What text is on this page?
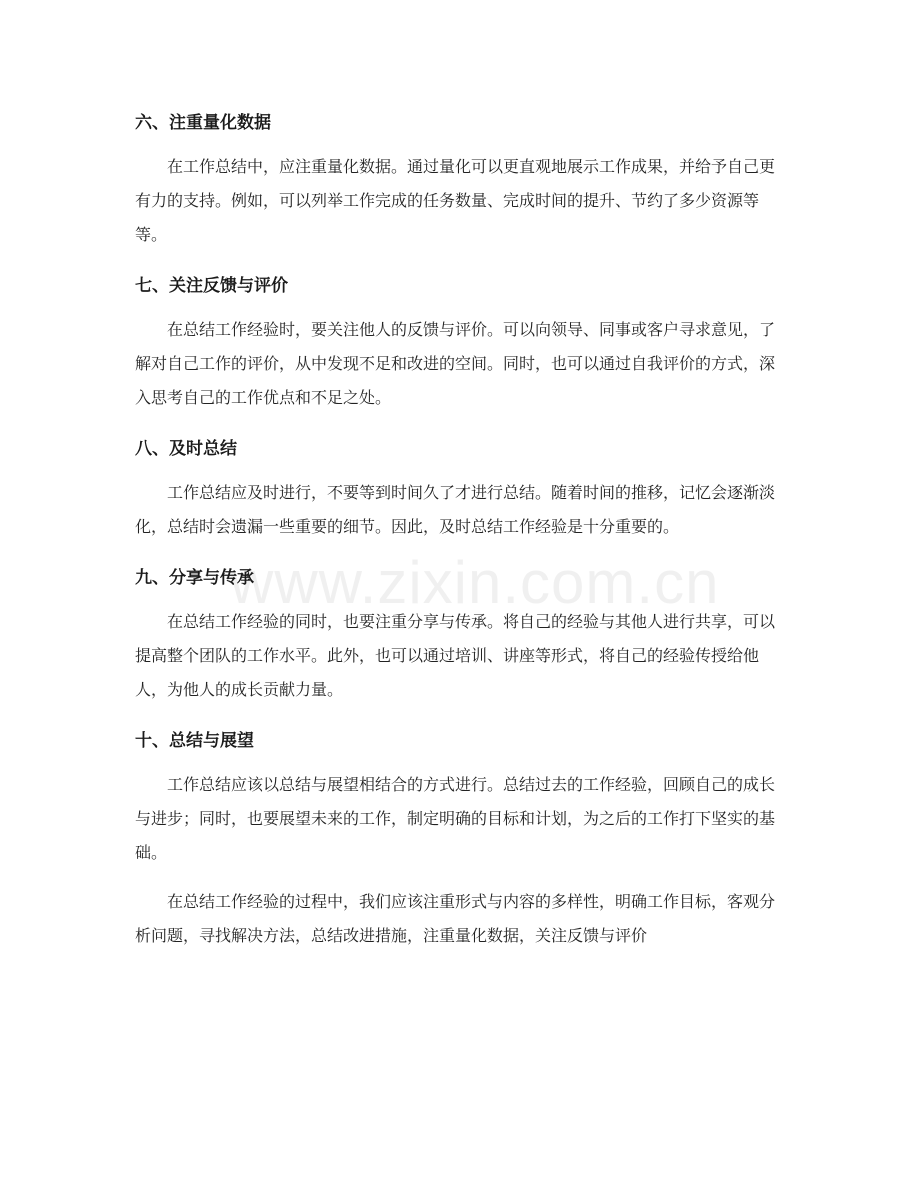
www.zixin.com.cn
六、注重量化数据

在工作总结中，应注重量化数据。通过量化可以更直观地展示工作成果，并给予自己更有力的支持。例如，可以列举工作完成的任务数量、完成时间的提升、节约了多少资源等等。

七、关注反馈与评价

在总结工作经验时，要关注他人的反馈与评价。可以向领导、同事或客户寻求意见，了解对自己工作的评价，从中发现不足和改进的空间。同时，也可以通过自我评价的方式，深入思考自己的工作优点和不足之处。

八、及时总结

工作总结应及时进行，不要等到时间久了才进行总结。随着时间的推移，记忆会逐渐淡化，总结时会遗漏一些重要的细节。因此，及时总结工作经验是十分重要的。

九、分享与传承

在总结工作经验的同时，也要注重分享与传承。将自己的经验与其他人进行共享，可以提高整个团队的工作水平。此外，也可以通过培训、讲座等形式，将自己的经验传授给他人，为他人的成长贡献力量。

十、总结与展望

工作总结应该以总结与展望相结合的方式进行。总结过去的工作经验，回顾自己的成长与进步；同时，也要展望未来的工作，制定明确的目标和计划，为之后的工作打下坚实的基础。

在总结工作经验的过程中，我们应该注重形式与内容的多样性，明确工作目标，客观分析问题，寻找解决方法，总结改进措施，注重量化数据，关注反馈与评价
